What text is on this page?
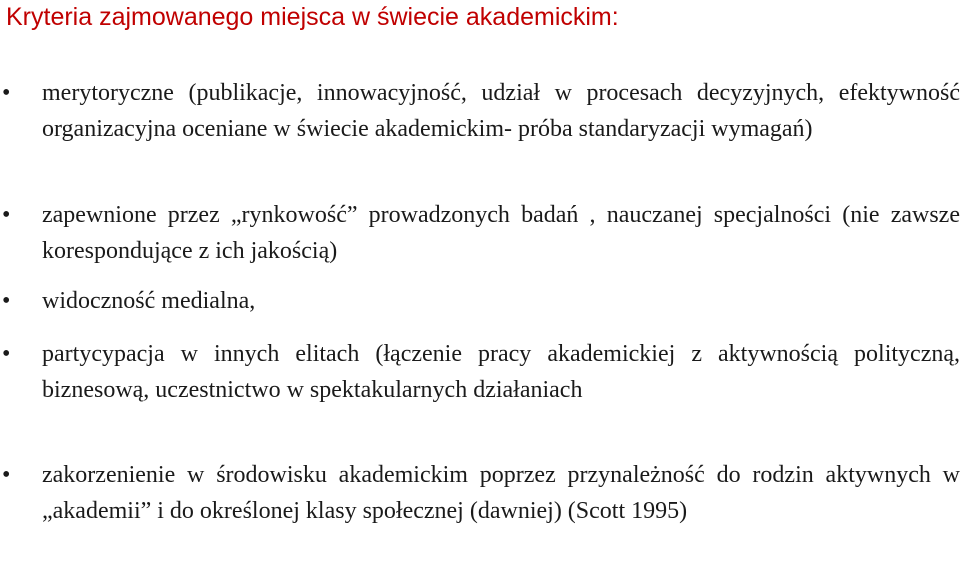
Kryteria zajmowanego miejsca w świecie akademickim:
• merytoryczne (publikacje, innowacyjność, udział w procesach decyzyjnych, efektywność organizacyjna oceniane w świecie akademickim- próba standaryzacji wymagań)
• zapewnione przez „rynkowość” prowadzonych badań , nauczanej specjalności (nie zawsze korespondujące z ich jakością)
• widoczność medialna,
• partycypacja w innych elitach (łączenie pracy akademickiej z aktywnością polityczną, biznesową, uczestnictwo w spektakularnych działaniach
• zakorzenienie w środowisku akademickim poprzez przynależność do rodzin aktywnych w „akademii” i do określonej klasy społecznej (dawniej) (Scott 1995)
